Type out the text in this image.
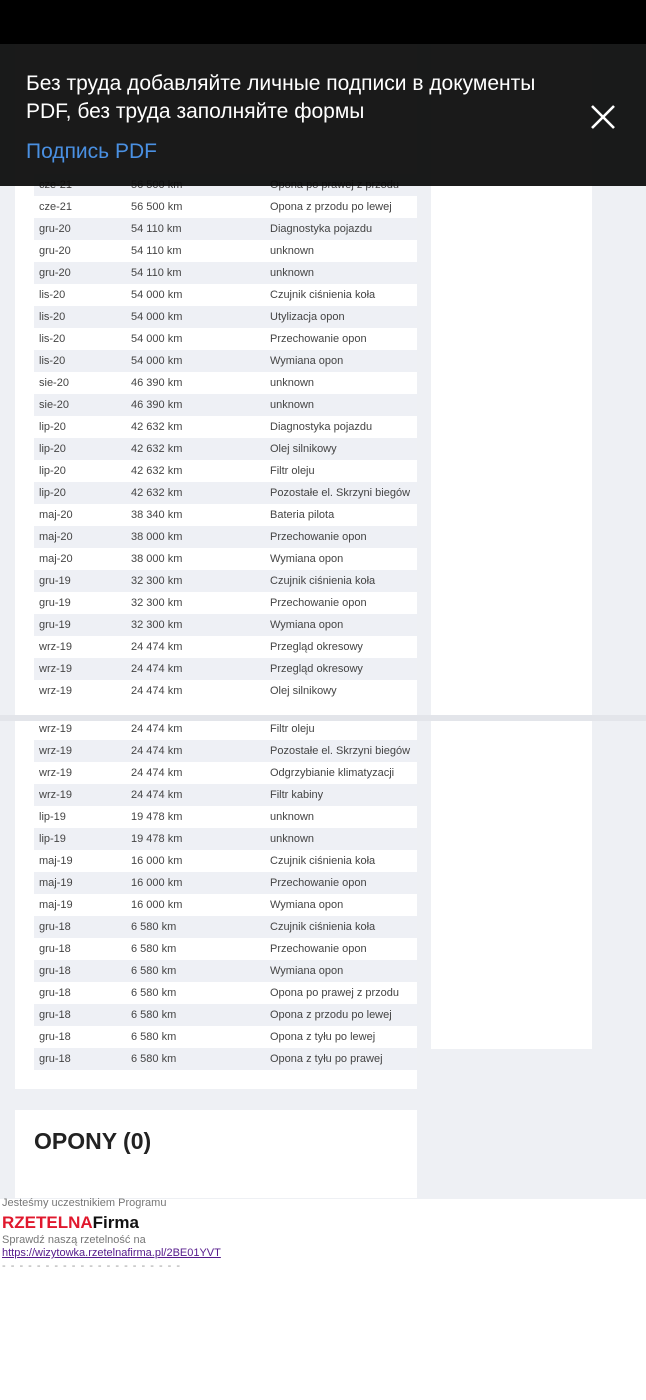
cze-21	56 500 km	Opona z przodu po lewej
gru-20	54 110 km	Diagnostyka pojazdu
gru-20	54 110 km	unknown
gru-20	54 110 km	unknown
lis-20	54 000 km	Czujnik ciśnienia koła
lis-20	54 000 km	Utylizacja opon
lis-20	54 000 km	Przechowanie opon
lis-20	54 000 km	Wymiana opon
sie-20	46 390 km	unknown
sie-20	46 390 km	unknown
lip-20	42 632 km	Diagnostyka pojazdu
lip-20	42 632 km	Olej silnikowy
lip-20	42 632 km	Filtr oleju
lip-20	42 632 km	Pozostałe el. Skrzyni biegów
maj-20	38 340 km	Bateria pilota
maj-20	38 000 km	Przechowanie opon
maj-20	38 000 km	Wymiana opon
gru-19	32 300 km	Czujnik ciśnienia koła
gru-19	32 300 km	Przechowanie opon
gru-19	32 300 km	Wymiana opon
wrz-19	24 474 km	Przegląd okresowy
wrz-19	24 474 km	Przegląd okresowy
wrz-19	24 474 km	Olej silnikowy
wrz-19	24 474 km	Filtr oleju
wrz-19	24 474 km	Pozostałe el. Skrzyni biegów
wrz-19	24 474 km	Odgrzybianie klimatyzacji
wrz-19	24 474 km	Filtr kabiny
lip-19	19 478 km	unknown
lip-19	19 478 km	unknown
maj-19	16 000 km	Czujnik ciśnienia koła
maj-19	16 000 km	Przechowanie opon
maj-19	16 000 km	Wymiana opon
gru-18	6 580 km	Czujnik ciśnienia koła
gru-18	6 580 km	Przechowanie opon
gru-18	6 580 km	Wymiana opon
gru-18	6 580 km	Opona po prawej z przodu
gru-18	6 580 km	Opona z przodu po lewej
gru-18	6 580 km	Opona z tyłu po lewej
gru-18	6 580 km	Opona z tyłu po prawej
OPONY (0)
Jesteśmy uczestnikiem Programu
RZETELNAFirma
Sprawdź naszą rzetelność na
https://wizytowka.rzetelnafirma.pl/2BE01YVT
- - - - - - - - - - - - - - - - - - - - -
Без труда добавляйте личные подписи в документы PDF, без труда заполняйте формы
Подпись PDF
